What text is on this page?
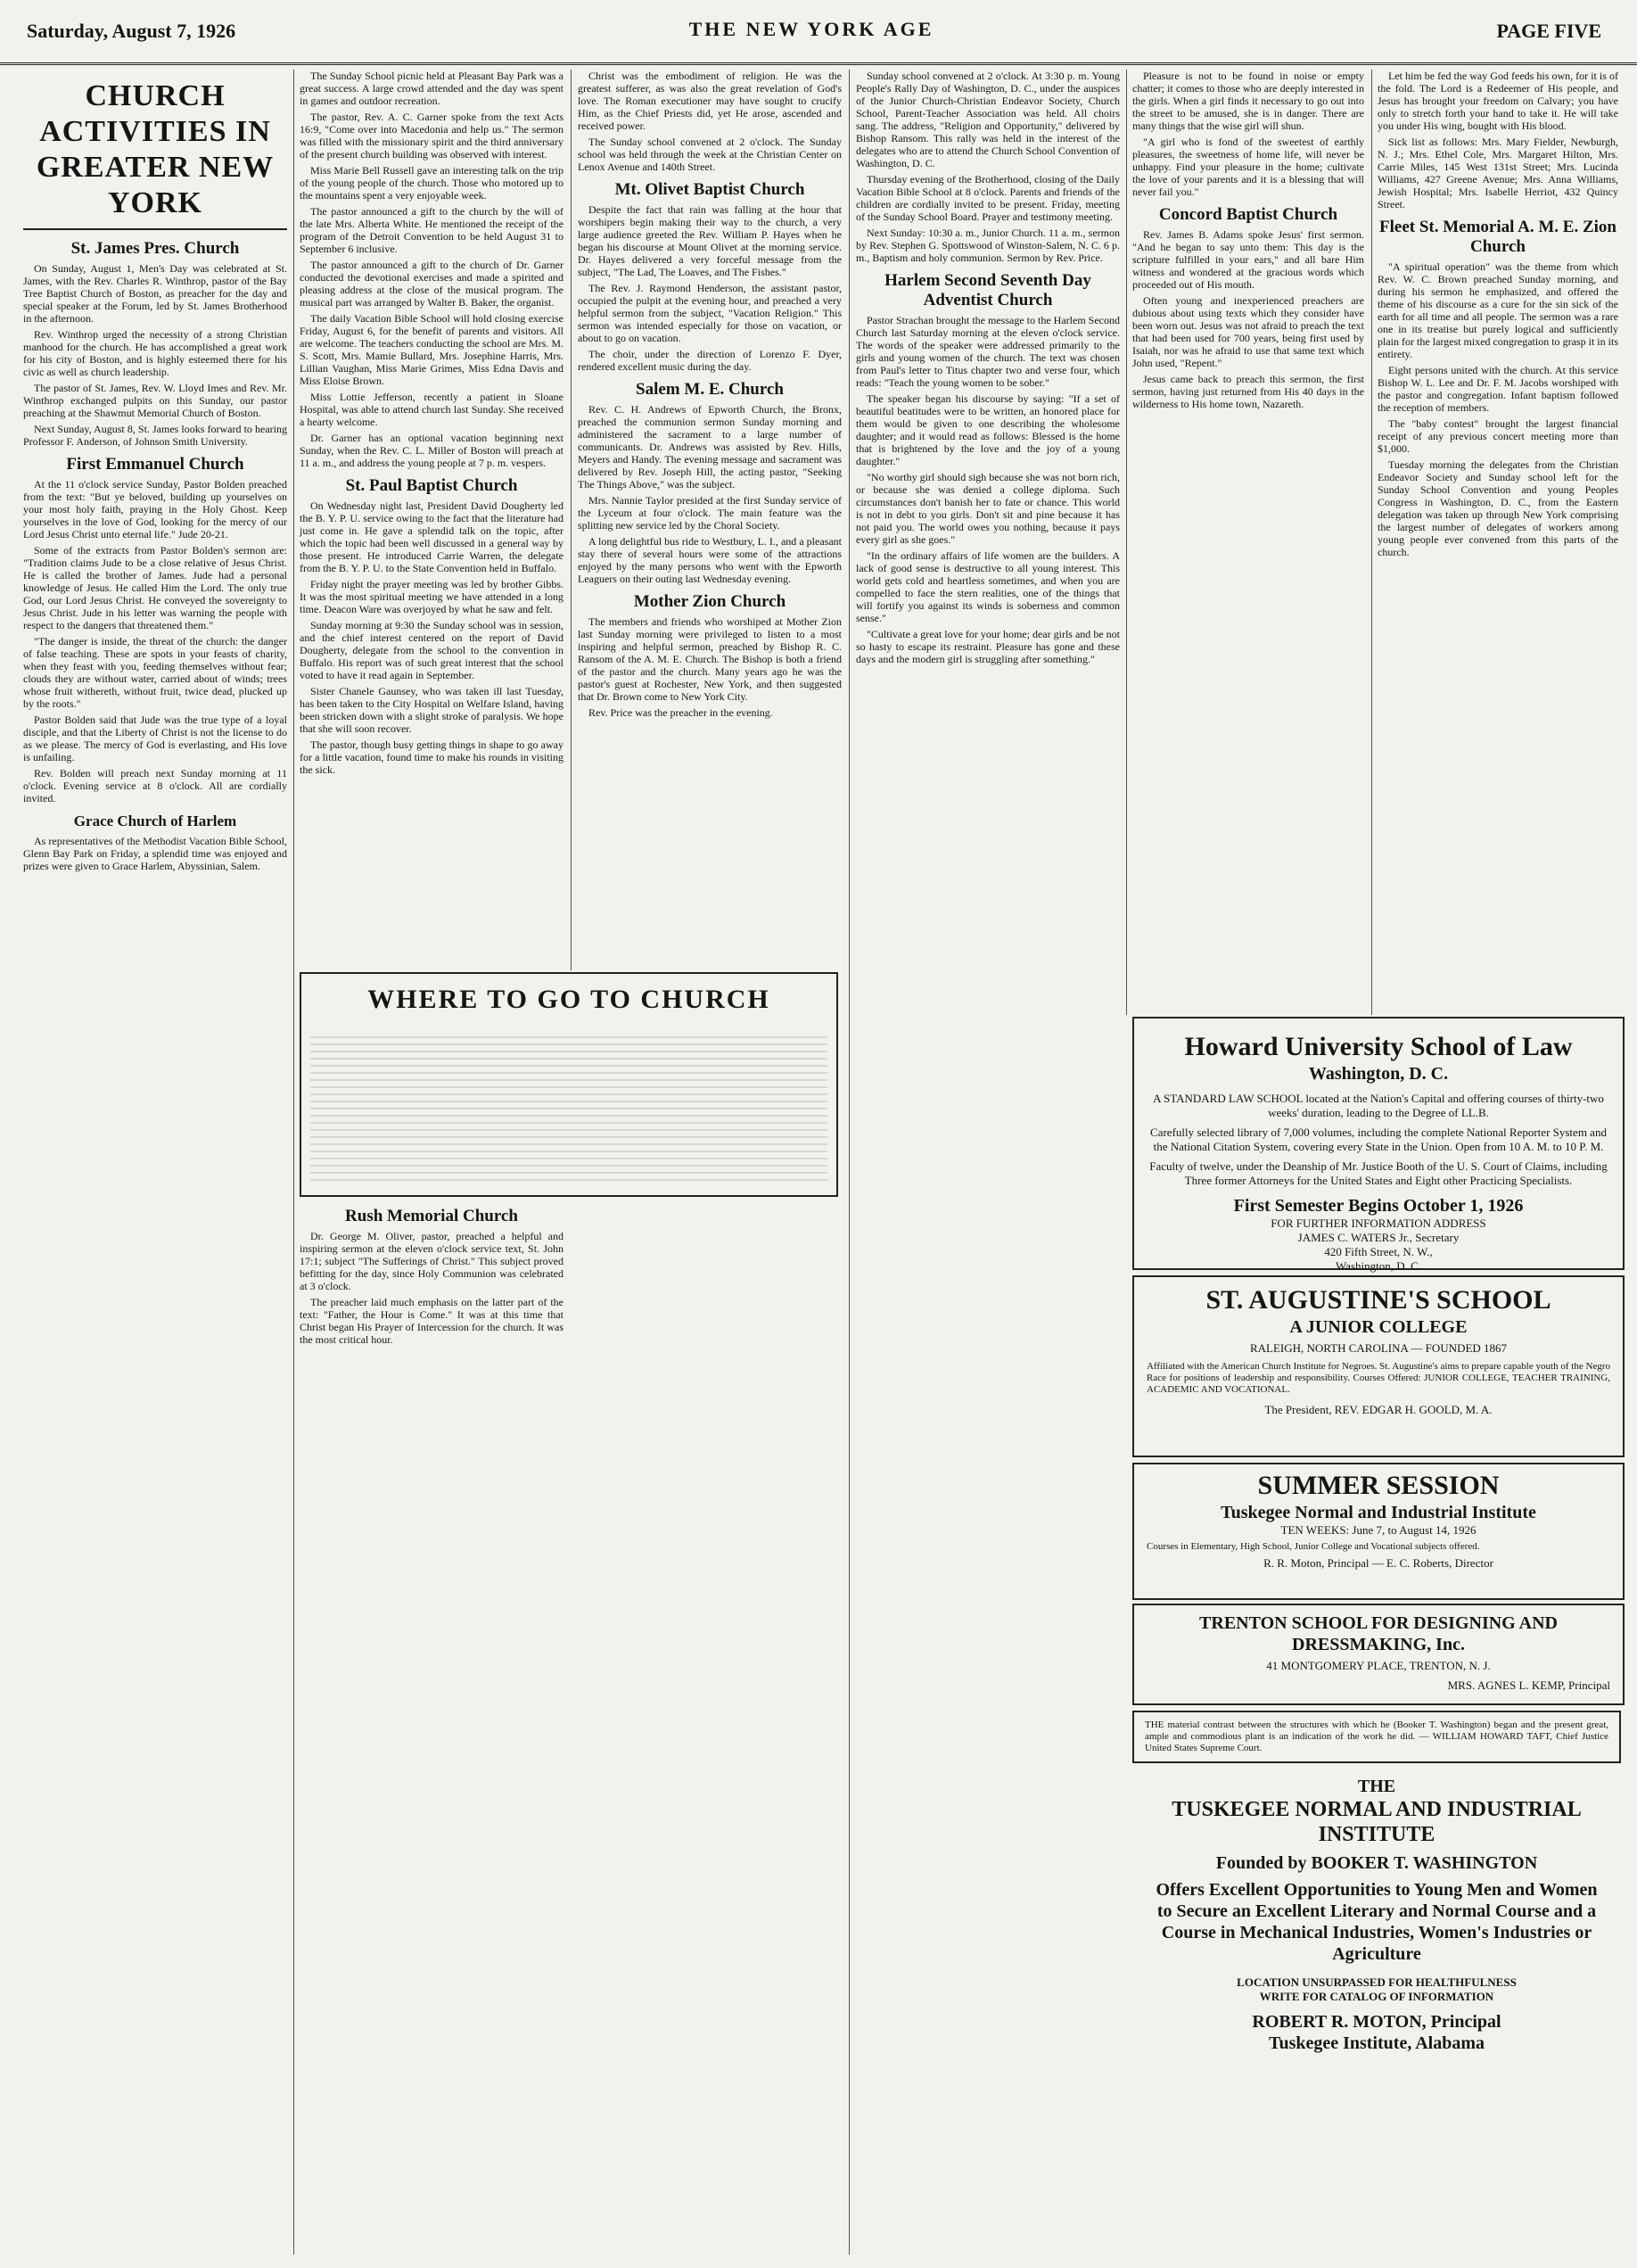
Saturday, August 7, 1926	THE NEW YORK AGE	PAGE FIVE
CHURCH ACTIVITIES IN GREATER NEW YORK
St. James Pres. Church

On Sunday, August 1, Men's Day was celebrated at St. James, with the Rev. Charles R. Winthrop, pastor of the Bay Tree Baptist Church of Boston, as preacher for the day and special speaker at the Forum, led by St. James Brotherhood in the afternoon.

Rev. Winthrop urged the necessity of a strong Christian manhood for the church. He has accomplished a great work for his city of Boston, and is highly esteemed there for his civic as well as church leadership.

The pastor of St. James, Rev. W. Lloyd Imes and Rev. Mr. Winthrop exchanged pulpits on this Sunday, our pastor preaching at the Shawmut Memorial Church of Boston.

Next Sunday, August 8, St. James looks forward to hearing Professor F. Anderson, of Johnson Smith University.

First Emmanuel Church

At the 11 o'clock service Sunday, Pastor Bolden preached from the text: "But ye beloved, building up yourselves on your most holy faith, praying in the Holy Ghost. Keep yourselves in the love of God, looking for the mercy of our Lord Jesus Christ unto eternal life." Jude 20-21.

Some of the extracts from Pastor Bolden's sermon are: "Tradition claims Jude to be a close relative of Jesus Christ. He is called the brother of James. Jude had a personal knowledge of Jesus. He called Him the Lord. The only true God, our Lord Jesus Christ. He conveyed the sovereignty to Jesus Christ. Jude in his letter was warning the people with respect to the dangers that threatened them."

"The danger is inside, the threat of the church: the danger of false teaching. These are spots in your feasts of charity, when they feast with you, feeding themselves without fear; clouds they are without water, carried about of winds; trees whose fruit withereth, without fruit, twice dead, plucked up by the roots."

Pastor Bolden said that Jude was the true type of a loyal disciple, and that the Liberty of Christ is not the license to do as we please. The mercy of God is everlasting, and His love is unfailing.

Rev. Bolden will preach next Sunday morning at 11 o'clock. Evening service at 8 o'clock. All are cordially invited.

Grace Church of Harlem

As representatives of the Methodist Vacation Bible School, Glenn Bay Park on Friday, a splendid time was enjoyed and prizes were given to Grace Harlem, Abyssinian, Salem.

The Sunday School picnic held at Pleasant Bay Park was a great success. A large crowd attended and the day was spent in games and outdoor recreation.

The pastor, Rev. A. C. Garner spoke from the text Acts 16:9, "Come over into Macedonia and help us." The sermon was filled with the missionary spirit and the third anniversary of the present church building was observed with interest.

Miss Marie Bell Russell gave an interesting talk on the trip of the young people of the church. Those who motored up to the mountains spent a very enjoyable week.

The pastor announced a gift to the church by the will of the late Mrs. Alberta White. He mentioned the receipt of the program of the Detroit Convention to be held August 31 to September 6 inclusive.

The pastor announced a gift to the church of Dr. Garner conducted the devotional exercises and made a spirited and pleasing address at the close of the musical program. The musical part was arranged by Walter B. Baker, the organist.

The daily Vacation Bible School will hold closing exercise Friday, August 6, for the benefit of parents and visitors. All are welcome. The teachers conducting the school are Mrs. M. S. Scott, Mrs. Mamie Bullard, Mrs. Josephine Harris, Mrs. Lillian Vaughan, Miss Marie Grimes, Miss Edna Davis and Miss Eloise Brown.

Miss Lottie Jefferson, recently a patient in Sloane Hospital, was able to attend church last Sunday. She received a hearty welcome.

Dr. Garner has an optional vacation beginning next Sunday, when the Rev. C. L. Miller of Boston will preach at 11 a. m., and address the young people at 7 p. m. vespers.

St. Paul Baptist Church

On Wednesday night last, President David Dougherty led the B. Y. P. U. service owing to the fact that the literature had just come in. He gave a splendid talk on the topic, after which the topic had been well discussed in a general way by those present. He introduced Carrie Warren, the delegate from the B. Y. P. U. to the State Convention held in Buffalo.

Friday night the prayer meeting was led by brother Gibbs. It was the most spiritual meeting we have attended in a long time. Deacon Ware was overjoyed by what he saw and felt.

Sunday morning at 9:30 the Sunday school was in session, and the chief interest centered on the report of David Dougherty, delegate from the school to the convention in Buffalo. His report was of such great interest that the school voted to have it read again in September.

Sister Chanele Gaunsey, who was taken ill last Tuesday, has been taken to the City Hospital on Welfare Island, having been stricken down with a slight stroke of paralysis. We hope that she will soon recover.

The pastor, though busy getting things in shape to go away for a little vacation, found time to make his rounds in visiting the sick.

Christ was the embodiment of religion. He was the greatest sufferer, as was also the great revelation of God's love. The Roman executioner may have sought to crucify Him, as the Chief Priests did, yet He arose, ascended and received power.

The Sunday school convened at 2 o'clock. The Sunday school was held through the week at the Christian Center on Lenox Avenue and 140th Street.

Mt. Olivet Baptist Church

Despite the fact that rain was falling at the hour that worshipers begin making their way to the church, a very large audience greeted the Rev. William P. Hayes when he began his discourse at Mount Olivet at the morning service. Dr. Hayes delivered a very forceful message from the subject, "The Lad, The Loaves, and The Fishes."

The Rev. J. Raymond Henderson, the assistant pastor, occupied the pulpit at the evening hour, and preached a very helpful sermon from the subject, "Vacation Religion." This sermon was intended especially for those on vacation, or about to go on vacation.

The choir, under the direction of Lorenzo F. Dyer, rendered excellent music during the day.

Salem M. E. Church

Rev. C. H. Andrews of Epworth Church, the Bronx, preached the communion sermon Sunday morning and administered the sacrament to a large number of communicants. Dr. Andrews was assisted by Rev. Hills, Meyers and Handy. The evening message and sacrament was delivered by Rev. Joseph Hill, the acting pastor, "Seeking The Things Above," was the subject.

Mrs. Nannie Taylor presided at the first Sunday service of the Lyceum at four o'clock. The main feature was the splitting new service led by the Choral Society.

A long delightful bus ride to Westbury, L. I., and a pleasant stay there of several hours were some of the attractions enjoyed by the many persons who went with the Epworth Leaguers on their outing last Wednesday evening.

Mother Zion Church

The members and friends who worshiped at Mother Zion last Sunday morning were privileged to listen to a most inspiring and helpful sermon, preached by Bishop R. C. Ransom of the A. M. E. Church. The Bishop is both a friend of the pastor and the church. Many years ago he was the pastor's guest at Rochester, New York, and then suggested that Dr. Brown come to New York City.

Rev. Price was the preacher in the evening.

WHERE TO GO TO CHURCH
Rush Memorial Church

Dr. George M. Oliver, pastor, preached a helpful and inspiring sermon at the eleven o'clock service text, St. John 17:1; subject "The Sufferings of Christ." This subject proved befitting for the day, since Holy Communion was celebrated at 3 o'clock.

The preacher laid much emphasis on the latter part of the text: "Father, the Hour is Come." It was at this time that Christ began His Prayer of Intercession for the church. It was the most critical hour.

Sunday school convened at 2 o'clock. At 3:30 p. m. Young People's Rally Day of Washington, D. C., under the auspices of the Junior Church-Christian Endeavor Society, Church School, Parent-Teacher Association was held. All choirs sang. The address, "Religion and Opportunity," delivered by Bishop Ransom. This rally was held in the interest of the delegates who are to attend the Church School Convention of Washington, D. C.

Thursday evening of the Brotherhood, closing of the Daily Vacation Bible School at 8 o'clock. Parents and friends of the children are cordially invited to be present. Friday, meeting of the Sunday School Board. Prayer and testimony meeting.

Next Sunday: 10:30 a. m., Junior Church. 11 a. m., sermon by Rev. Stephen G. Spottswood of Winston-Salem, N. C. 6 p. m., Baptism and holy communion. Sermon by Rev. Price.

Harlem Second Seventh Day Adventist Church

Pastor Strachan brought the message to the Harlem Second Church last Saturday morning at the eleven o'clock service. The words of the speaker were addressed primarily to the girls and young women of the church. The text was chosen from Paul's letter to Titus chapter two and verse four, which reads: "Teach the young women to be sober."

The speaker began his discourse by saying: "If a set of beautiful beatitudes were to be written, an honored place for them would be given to one describing the wholesome daughter; and it would read as follows: Blessed is the home that is brightened by the love and the joy of a young daughter."

"No worthy girl should sigh because she was not born rich, or because she was denied a college diploma. Such circumstances don't banish her to fate or chance. This world is not in debt to you girls. Don't sit and pine because it has not paid you. The world owes you nothing, because it pays every girl as she goes."

"In the ordinary affairs of life women are the builders. A lack of good sense is destructive to all young interest. This world gets cold and heartless sometimes, and when you are compelled to face the stern realities, one of the things that will fortify you against its winds is soberness and common sense."

"Cultivate a great love for your home; dear girls and be not so hasty to escape its restraint. Pleasure has gone and these days and the modern girl is struggling after something."

Pleasure is not to be found in noise or empty chatter; it comes to those who are deeply interested in the girls. When a girl finds it necessary to go out into the street to be amused, she is in danger. There are many things that the wise girl will shun.

"A girl who is fond of the sweetest of earthly pleasures, the sweetness of home life, will never be unhappy. Find your pleasure in the home; cultivate the love of your parents and it is a blessing that will never fail you."

Concord Baptist Church

Rev. James B. Adams spoke Jesus' first sermon. "And he began to say unto them: This day is the scripture fulfilled in your ears," and all bare Him witness and wondered at the gracious words which proceeded out of His mouth.

Often young and inexperienced preachers are dubious about using texts which they consider have been worn out. Jesus was not afraid to preach the text that had been used for 700 years, being first used by Isaiah, nor was he afraid to use that same text which John used, "Repent."

Jesus came back to preach this sermon, the first sermon, having just returned from His 40 days in the wilderness to His home town, Nazareth.

Let him be fed the way God feeds his own, for it is of the fold. The Lord is a Redeemer of His people, and Jesus has brought your freedom on Calvary; you have only to stretch forth your hand to take it. He will take you under His wing, bought with His blood.

Sick list as follows: Mrs. Mary Fielder, Newburgh, N. J.; Mrs. Ethel Cole, Mrs. Margaret Hilton, Mrs. Carrie Miles, 145 West 131st Street; Mrs. Lucinda Williams, 427 Greene Avenue; Mrs. Anna Williams, Jewish Hospital; Mrs. Isabelle Herriot, 432 Quincy Street.

Fleet St. Memorial A. M. E. Zion Church

"A spiritual operation" was the theme from which Rev. W. C. Brown preached Sunday morning, and during his sermon he emphasized, and offered the theme of his discourse as a cure for the sin sick of the earth for all time and all people. The sermon was a rare one in its treatise but purely logical and sufficiently plain for the largest mixed congregation to grasp it in its entirety.

Eight persons united with the church. At this service Bishop W. L. Lee and Dr. F. M. Jacobs worshiped with the pastor and congregation. Infant baptism followed the reception of members.

The "baby contest" brought the largest financial receipt of any previous concert meeting more than $1,000.

Tuesday morning the delegates from the Christian Endeavor Society and Sunday school left for the Sunday School Convention and young Peoples Congress in Washington, D. C., from the Eastern delegation was taken up through New York comprising the largest number of delegates of workers among young people ever convened from this parts of the church.

Howard University School of Law
Washington, D. C.
A STANDARD LAW SCHOOL located at the Nation's Capital and offering courses of thirty-two weeks' duration, leading to the Degree of LL.B.
Carefully selected library of 7,000 volumes, including the complete National Reporter System and the National Citation System, covering every State in the Union. Open from 10 A. M. to 10 P. M.
Faculty of twelve, under the Deanship of Mr. Justice Booth of the U. S. Court of Claims, including Three former Attorneys for the United States and Eight other Practicing Specialists.
First Semester Begins October 1, 1926
FOR FURTHER INFORMATION ADDRESS
JAMES C. WATERS Jr., Secretary
420 Fifth Street, N. W.,
Washington, D. C.
ST. AUGUSTINE'S SCHOOL
A JUNIOR COLLEGE
RALEIGH, NORTH CAROLINA — FOUNDED 1867
Affiliated with the American Church Institute for Negroes. St. Augustine's aims to prepare capable youth of the Negro Race for positions of leadership and responsibility. Courses Offered: JUNIOR COLLEGE, TEACHER TRAINING, ACADEMIC AND VOCATIONAL.
The President, REV. EDGAR H. GOOLD, M. A.
SUMMER SESSION
Tuskegee Normal and Industrial Institute
TEN WEEKS: June 7, to August 14, 1926
Courses in Elementary, High School, Junior College and Vocational subjects offered.
R. R. Moton, Principal — E. C. Roberts, Director
TRENTON SCHOOL FOR DESIGNING AND DRESSMAKING, Inc.
41 MONTGOMERY PLACE, TRENTON, N. J.
MRS. AGNES L. KEMP, Principal
THE material contrast between the structures with which he (Booker T. Washington) began and the present great, ample and commodious plant is an indication of the work he did. — WILLIAM HOWARD TAFT, Chief Justice United States Supreme Court.
THE
TUSKEGEE NORMAL AND INDUSTRIAL INSTITUTE
Founded by BOOKER T. WASHINGTON
Offers Excellent Opportunities to Young Men and Women to Secure an Excellent Literary and Normal Course and a Course in Mechanical Industries, Women's Industries or Agriculture
LOCATION UNSURPASSED FOR HEALTHFULNESS
WRITE FOR CATALOG OF INFORMATION
ROBERT R. MOTON, Principal
Tuskegee Institute, Alabama
